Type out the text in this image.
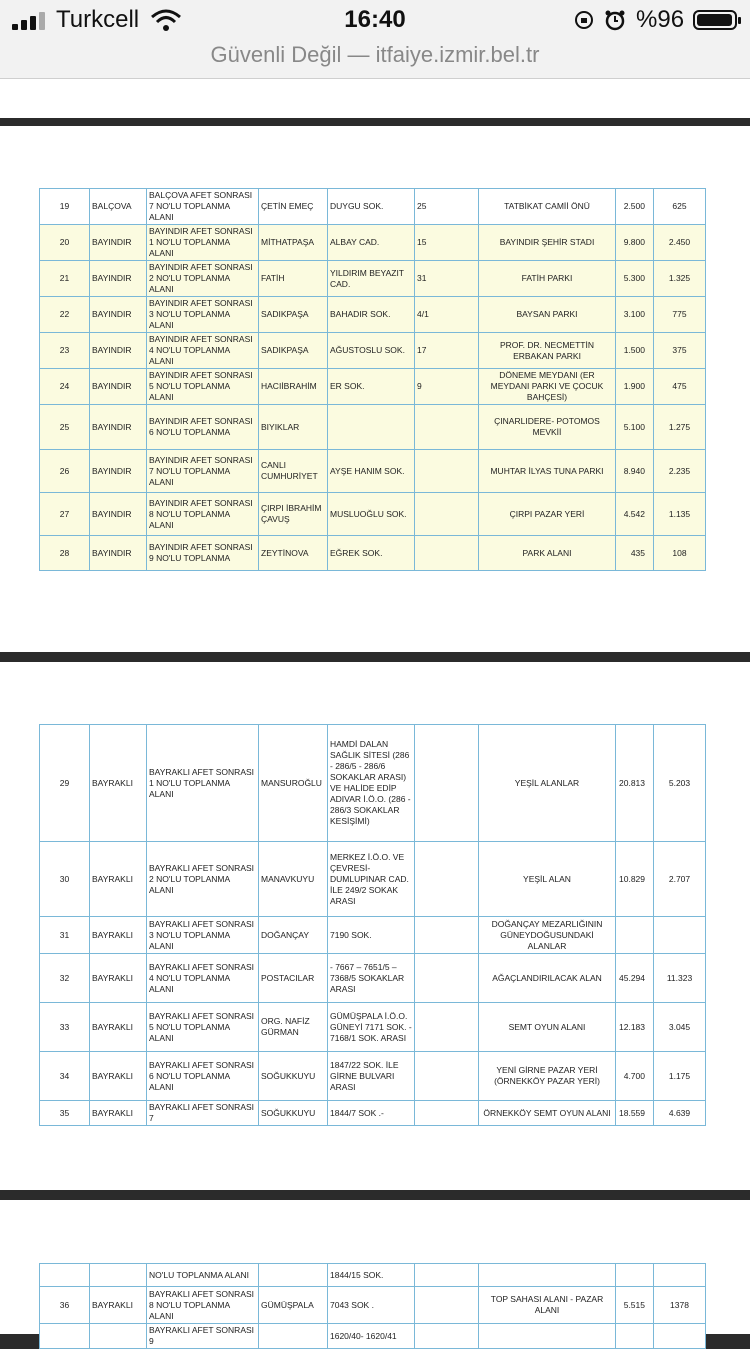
Turkcell	16:40	%96
Güvenli Değil — itfaiye.izmir.bel.tr
19	BALÇOVA	BALÇOVA AFET SONRASI 7 NO'LU TOPLANMA ALANI	ÇETİN EMEÇ	DUYGU SOK.	25	TATBİKAT CAMİİ ÖNÜ	2.500	625
20	BAYINDIR	BAYINDIR AFET SONRASI 1 NO'LU TOPLANMA ALANI	MİTHATPAŞA	ALBAY CAD.	15	BAYINDIR ŞEHİR STADI	9.800	2.450
21	BAYINDIR	BAYINDIR AFET SONRASI 2 NO'LU TOPLANMA ALANI	FATİH	YILDIRIM BEYAZIT CAD.	31	FATİH PARKI	5.300	1.325
22	BAYINDIR	BAYINDIR AFET SONRASI 3 NO'LU TOPLANMA ALANI	SADIKPAŞA	BAHADIR SOK.	4/1	BAYSAN PARKI	3.100	775
23	BAYINDIR	BAYINDIR AFET SONRASI 4 NO'LU TOPLANMA ALANI	SADIKPAŞA	AĞUSTOSLU SOK.	17	PROF. DR. NECMETTİN ERBAKAN PARKI	1.500	375
24	BAYINDIR	BAYINDIR AFET SONRASI 5 NO'LU TOPLANMA ALANI	HACIİBRAHİM	ER SOK.	9	DÖNEME MEYDANI (ER MEYDANI PARKI VE ÇOCUK BAHÇESİ)	1.900	475
25	BAYINDIR	BAYINDIR AFET SONRASI 6 NO'LU TOPLANMA	BIYIKLAR			ÇINARLIDERE- POTOMOS MEVKİİ	5.100	1.275
26	BAYINDIR	BAYINDIR AFET SONRASI 7 NO'LU TOPLANMA ALANI	CANLI CUMHURİYET	AYŞE HANIM SOK.		MUHTAR İLYAS TUNA PARKI	8.940	2.235
27	BAYINDIR	BAYINDIR AFET SONRASI 8 NO'LU TOPLANMA ALANI	ÇIRPI İBRAHİM ÇAVUŞ	MUSLUOĞLU SOK.		ÇIRPI PAZAR YERİ	4.542	1.135
28	BAYINDIR	BAYINDIR AFET SONRASI 9 NO'LU TOPLANMA	ZEYTİNOVA	EĞREK SOK.		PARK ALANI	435	108
29	BAYRAKLI	BAYRAKLI AFET SONRASI 1 NO'LU TOPLANMA ALANI	MANSUROĞLU	HAMDİ DALAN SAĞLIK SİTESİ (286 - 286/5 - 286/6 SOKAKLAR ARASI) VE HALİDE EDİP ADIVAR İ.Ö.O. (286 - 286/3 SOKAKLAR KESİŞİMİ)		YEŞİL ALANLAR	20.813	5.203
30	BAYRAKLI	BAYRAKLI AFET SONRASI 2 NO'LU TOPLANMA ALANI	MANAVKUYU	MERKEZ İ.Ö.O. VE ÇEVRESİ-DUMLUPINAR CAD. İLE 249/2 SOKAK ARASI		YEŞİL ALAN	10.829	2.707
31	BAYRAKLI	BAYRAKLI AFET SONRASI 3 NO'LU TOPLANMA ALANI	DOĞANÇAY	7190 SOK.		DOĞANÇAY MEZARLIĞININ GÜNEYDOĞUSUNDAKİ ALANLAR		
32	BAYRAKLI	BAYRAKLI AFET SONRASI 4 NO'LU TOPLANMA ALANI	POSTACILAR	- 7667 – 7651/5 – 7368/5 SOKAKLAR ARASI		AĞAÇLANDIRILACAK ALAN	45.294	11.323
33	BAYRAKLI	BAYRAKLI AFET SONRASI 5 NO'LU TOPLANMA ALANI	ORG. NAFİZ GÜRMAN	GÜMÜŞPALA İ.Ö.O. GÜNEYİ 7171 SOK. - 7168/1 SOK. ARASI		SEMT OYUN ALANI	12.183	3.045
34	BAYRAKLI	BAYRAKLI AFET SONRASI 6 NO'LU TOPLANMA ALANI	SOĞUKKUYU	1847/22 SOK. İLE GİRNE BULVARI ARASI		YENİ GİRNE PAZAR YERİ (ÖRNEKKÖY PAZAR YERİ)	4.700	1.175
35	BAYRAKLI	BAYRAKLI AFET SONRASI 7	SOĞUKKUYU	1844/7 SOK .-		ÖRNEKKÖY SEMT OYUN ALANI	18.559	4.639
		NO'LU TOPLANMA ALANI		1844/15 SOK.				
36	BAYRAKLI	BAYRAKLI AFET SONRASI 8 NO'LU TOPLANMA ALANI	GÜMÜŞPALA	7043 SOK .		TOP SAHASI ALANI - PAZAR ALANI	5.515	1378
		BAYRAKLI AFET SONRASI 9		1620/40- 1620/41				
